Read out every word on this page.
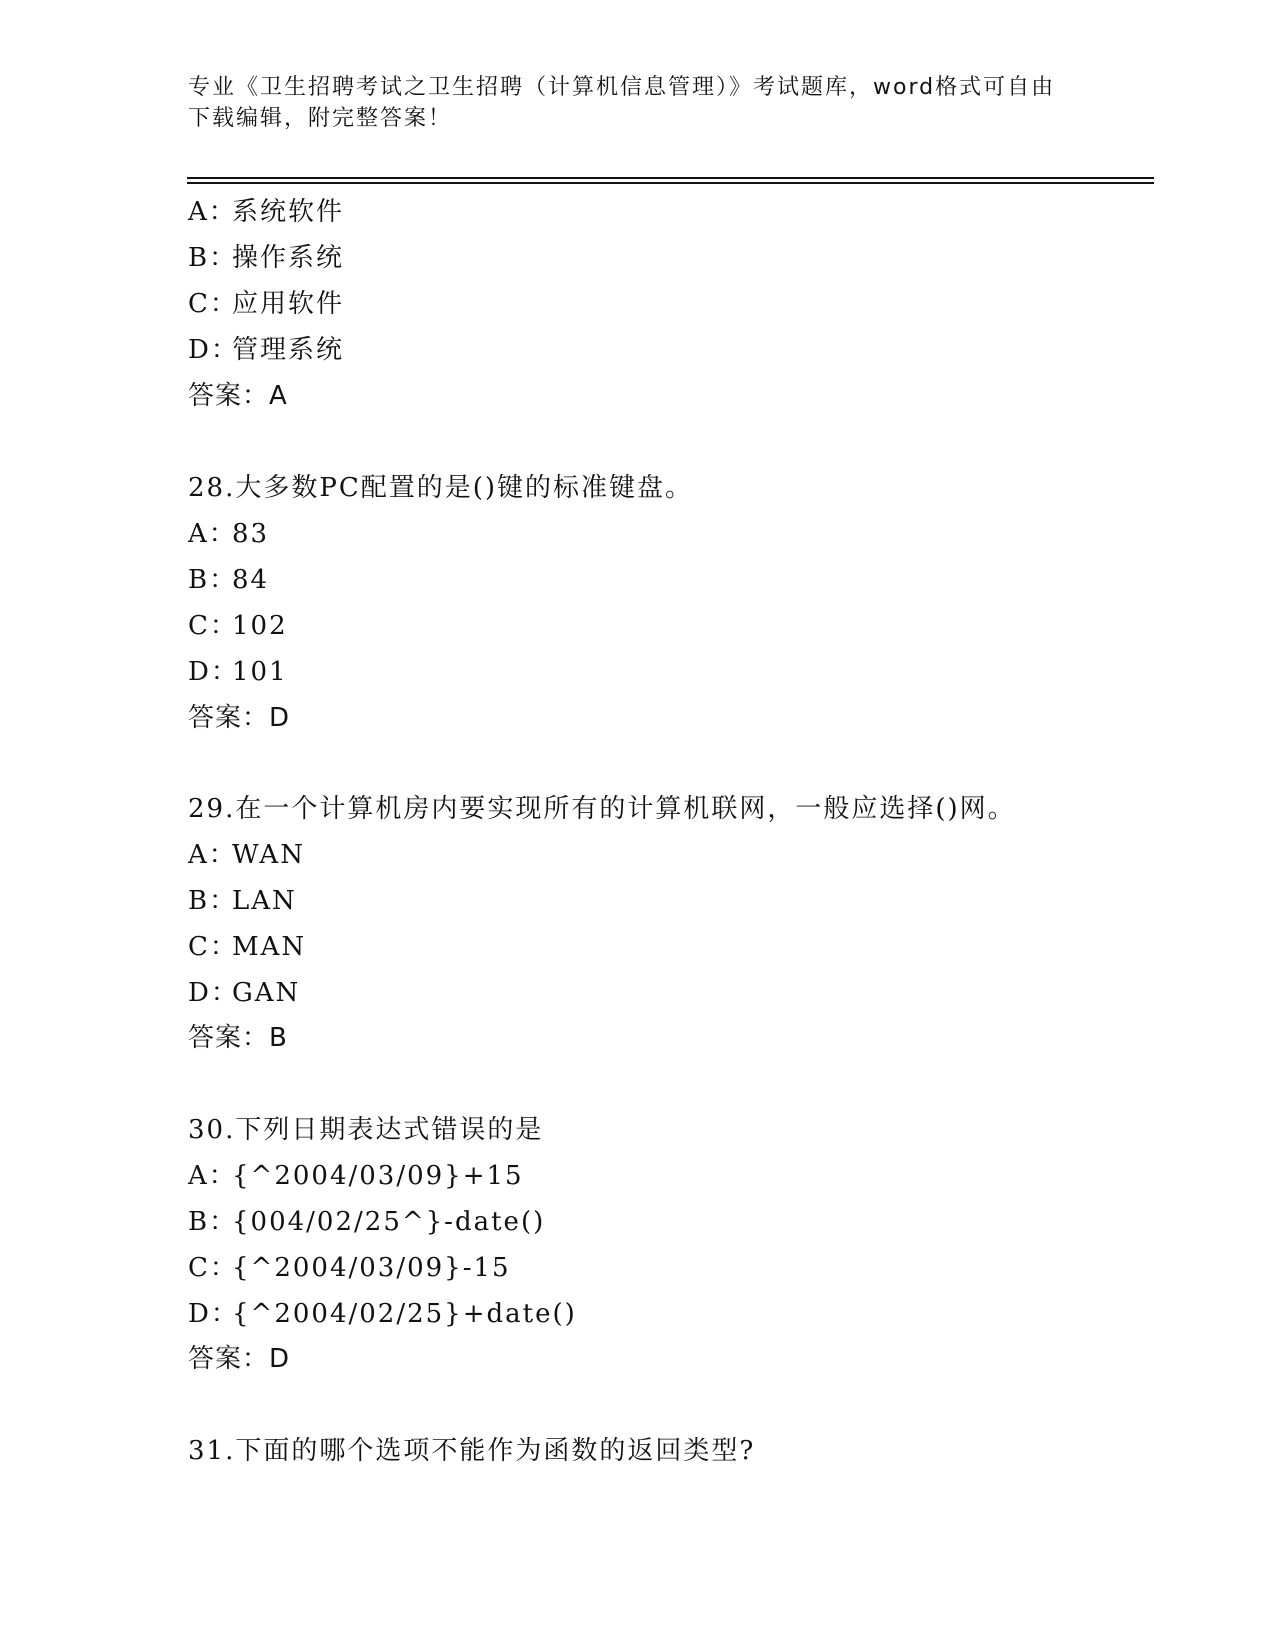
专业《卫生招聘考试之卫生招聘（计算机信息管理）》考试题库，word格式可自由下载编辑，附完整答案！
A：系统软件
B：操作系统
C：应用软件
D：管理系统
答案：A
28.大多数PC配置的是()键的标准键盘。
A：83
B：84
C：102
D：101
答案：D
29.在一个计算机房内要实现所有的计算机联网，一般应选择()网。
A：WAN
B：LAN
C：MAN
D：GAN
答案：B
30.下列日期表达式错误的是
A：{^2004/03/09}+15
B：{004/02/25^}-date()
C：{^2004/03/09}-15
D：{^2004/02/25}+date()
答案：D
31.下面的哪个选项不能作为函数的返回类型?
